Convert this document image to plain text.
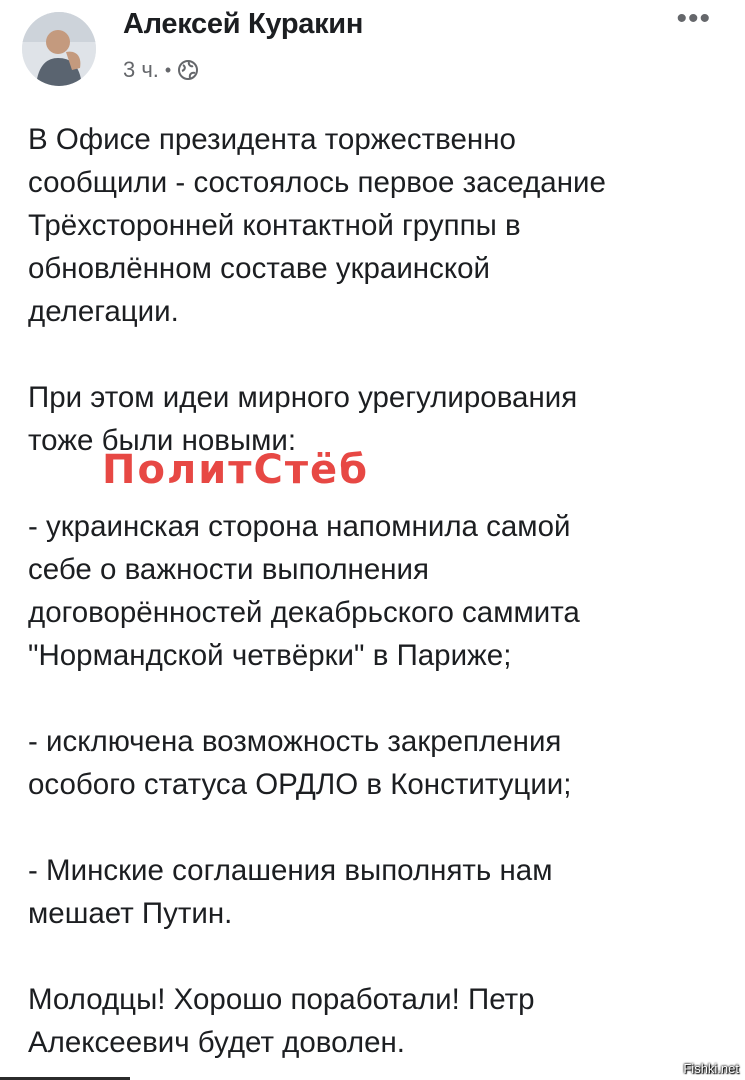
Алексей Куракин
3 ч. •
•••

В Офисе президента торжественно
сообщили - состоялось первое заседание
Трёхсторонней контактной группы в
обновлённом составе украинской
делегации.

При этом идеи мирного урегулирования
тоже были новыми:

- украинская сторона напомнила самой
себе о важности выполнения
договорённостей декабрьского саммита
"Нормандской четвёрки" в Париже;

- исключена возможность закрепления
особого статуса ОРДЛО в Конституции;

- Минские соглашения выполнять нам
мешает Путин.

Молодцы! Хорошо поработали! Петр
Алексеевич будет доволен.

ПолитСтёб
Fishki.net
